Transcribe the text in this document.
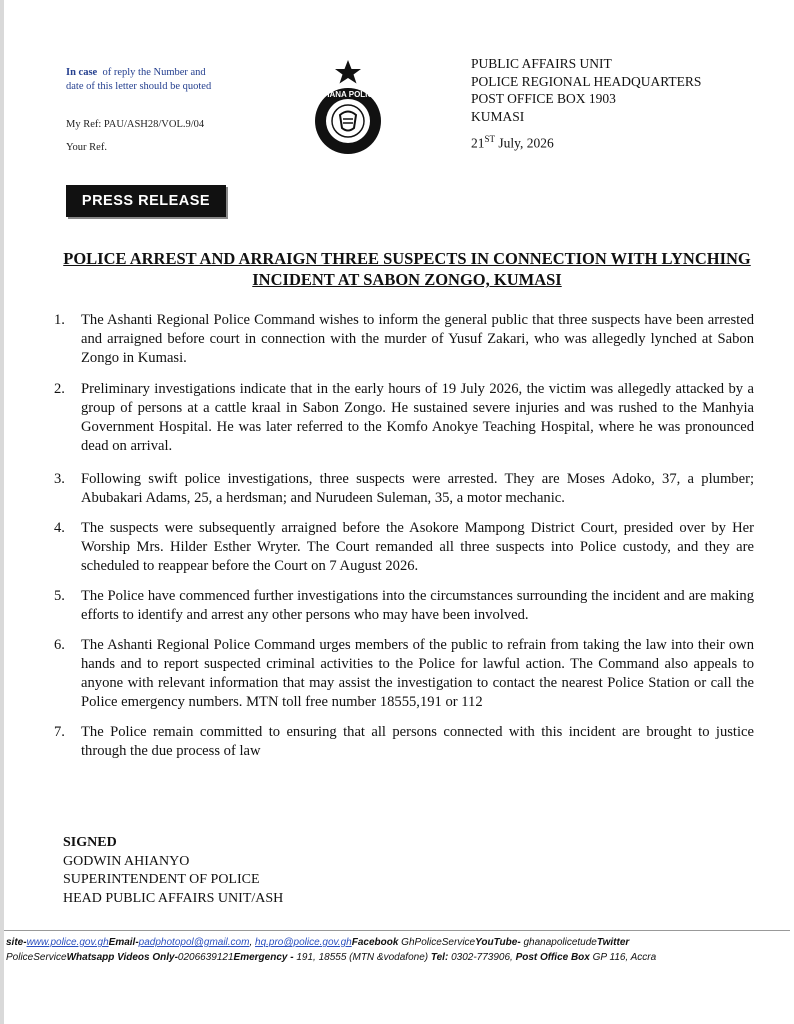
In case of reply the Number and date of this letter should be quoted
My Ref: PAU/ASH28/VOL.9/04
Your Ref.
GHANA POLICE
PUBLIC AFFAIRS UNIT
POLICE REGIONAL HEADQUARTERS
POST OFFICE BOX 1903
KUMASI
21ST July, 2026
PRESS RELEASE
POLICE ARREST AND ARRAIGN THREE SUSPECTS IN CONNECTION WITH LYNCHING INCIDENT AT SABON ZONGO, KUMASI
1. The Ashanti Regional Police Command wishes to inform the general public that three suspects have been arrested and arraigned before court in connection with the murder of Yusuf Zakari, who was allegedly lynched at Sabon Zongo in Kumasi.
2. Preliminary investigations indicate that in the early hours of 19 July 2026, the victim was allegedly attacked by a group of persons at a cattle kraal in Sabon Zongo. He sustained severe injuries and was rushed to the Manhyia Government Hospital. He was later referred to the Komfo Anokye Teaching Hospital, where he was pronounced dead on arrival.
3. Following swift police investigations, three suspects were arrested. They are Moses Adoko, 37, a plumber; Abubakari Adams, 25, a herdsman; and Nurudeen Suleman, 35, a motor mechanic.
4. The suspects were subsequently arraigned before the Asokore Mampong District Court, presided over by Her Worship Mrs. Hilder Esther Wryter. The Court remanded all three suspects into Police custody, and they are scheduled to reappear before the Court on 7 August 2026.
5. The Police have commenced further investigations into the circumstances surrounding the incident and are making efforts to identify and arrest any other persons who may have been involved.
6. The Ashanti Regional Police Command urges members of the public to refrain from taking the law into their own hands and to report suspected criminal activities to the Police for lawful action. The Command also appeals to anyone with relevant information that may assist the investigation to contact the nearest Police Station or call the Police emergency numbers. MTN toll free number 18555,191 or 112
7. The Police remain committed to ensuring that all persons connected with this incident are brought to justice through the due process of law
SIGNED
GODWIN AHIANYO
SUPERINTENDENT OF POLICE
HEAD PUBLIC AFFAIRS UNIT/ASH
site-www.police.gov.ghEmail-padphotopol@gmail.com, hq.pro@police.gov.ghFacebook GhPoliceServiceYouTube- ghanapolicetudeTwitter
PoliceServiceWhatsapp Videos Only-0206639121Emergency - 191, 18555 (MTN &vodafone) Tel: 0302-773906, Post Office Box GP 116, Accra
